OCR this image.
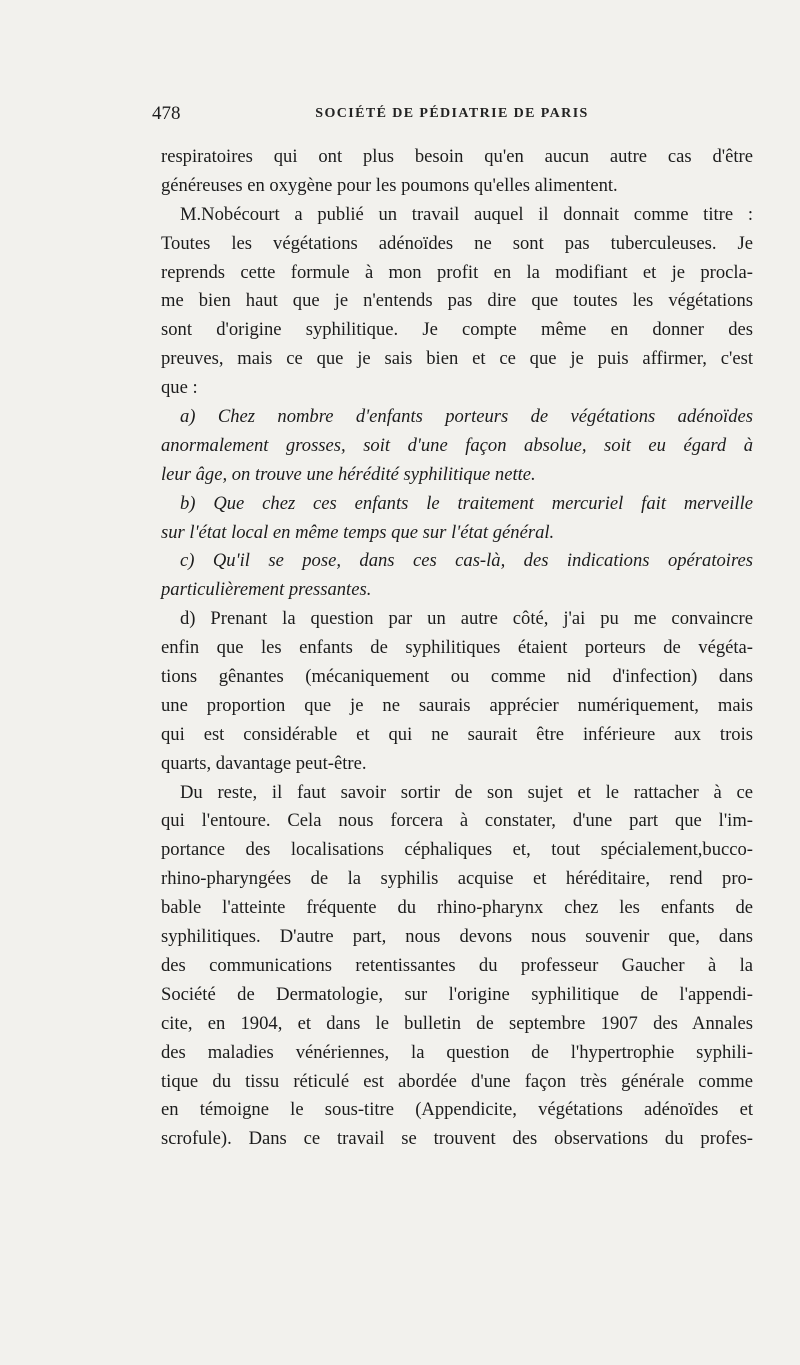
478	SOCIÉTÉ DE PÉDIATRIE DE PARIS
respiratoires qui ont plus besoin qu'en aucun autre cas d'être
généreuses en oxygène pour les poumons qu'elles alimentent.
M.Nobécourt a publié un travail auquel il donnait comme titre :
Toutes les végétations adénoïdes ne sont pas tuberculeuses. Je
reprends cette formule à mon profit en la modifiant et je procla-
me bien haut que je n'entends pas dire que toutes les végétations
sont d'origine syphilitique. Je compte même en donner des
preuves, mais ce que je sais bien et ce que je puis affirmer, c'est
que :
a) Chez nombre d'enfants porteurs de végétations adénoïdes
anormalement grosses, soit d'une façon absolue, soit eu égard à
leur âge, on trouve une hérédité syphilitique nette.
b) Que chez ces enfants le traitement mercuriel fait merveille
sur l'état local en même temps que sur l'état général.
c) Qu'il se pose, dans ces cas-là, des indications opératoires
particulièrement pressantes.
d) Prenant la question par un autre côté, j'ai pu me convaincre
enfin que les enfants de syphilitiques étaient porteurs de végéta-
tions gênantes (mécaniquement ou comme nid d'infection) dans
une proportion que je ne saurais apprécier numériquement, mais
qui est considérable et qui ne saurait être inférieure aux trois
quarts, davantage peut-être.
Du reste, il faut savoir sortir de son sujet et le rattacher à ce
qui l'entoure. Cela nous forcera à constater, d'une part que l'im-
portance des localisations céphaliques et, tout spécialement,bucco-
rhino-pharyngées de la syphilis acquise et héréditaire, rend pro-
bable l'atteinte fréquente du rhino-pharynx chez les enfants de
syphilitiques. D'autre part, nous devons nous souvenir que, dans
des communications retentissantes du professeur Gaucher à la
Société de Dermatologie, sur l'origine syphilitique de l'appendi-
cite, en 1904, et dans le bulletin de septembre 1907 des Annales
des maladies vénériennes, la question de l'hypertrophie syphili-
tique du tissu réticulé est abordée d'une façon très générale comme
en témoigne le sous-titre (Appendicite, végétations adénoïdes et
scrofule). Dans ce travail se trouvent des observations du profes-
